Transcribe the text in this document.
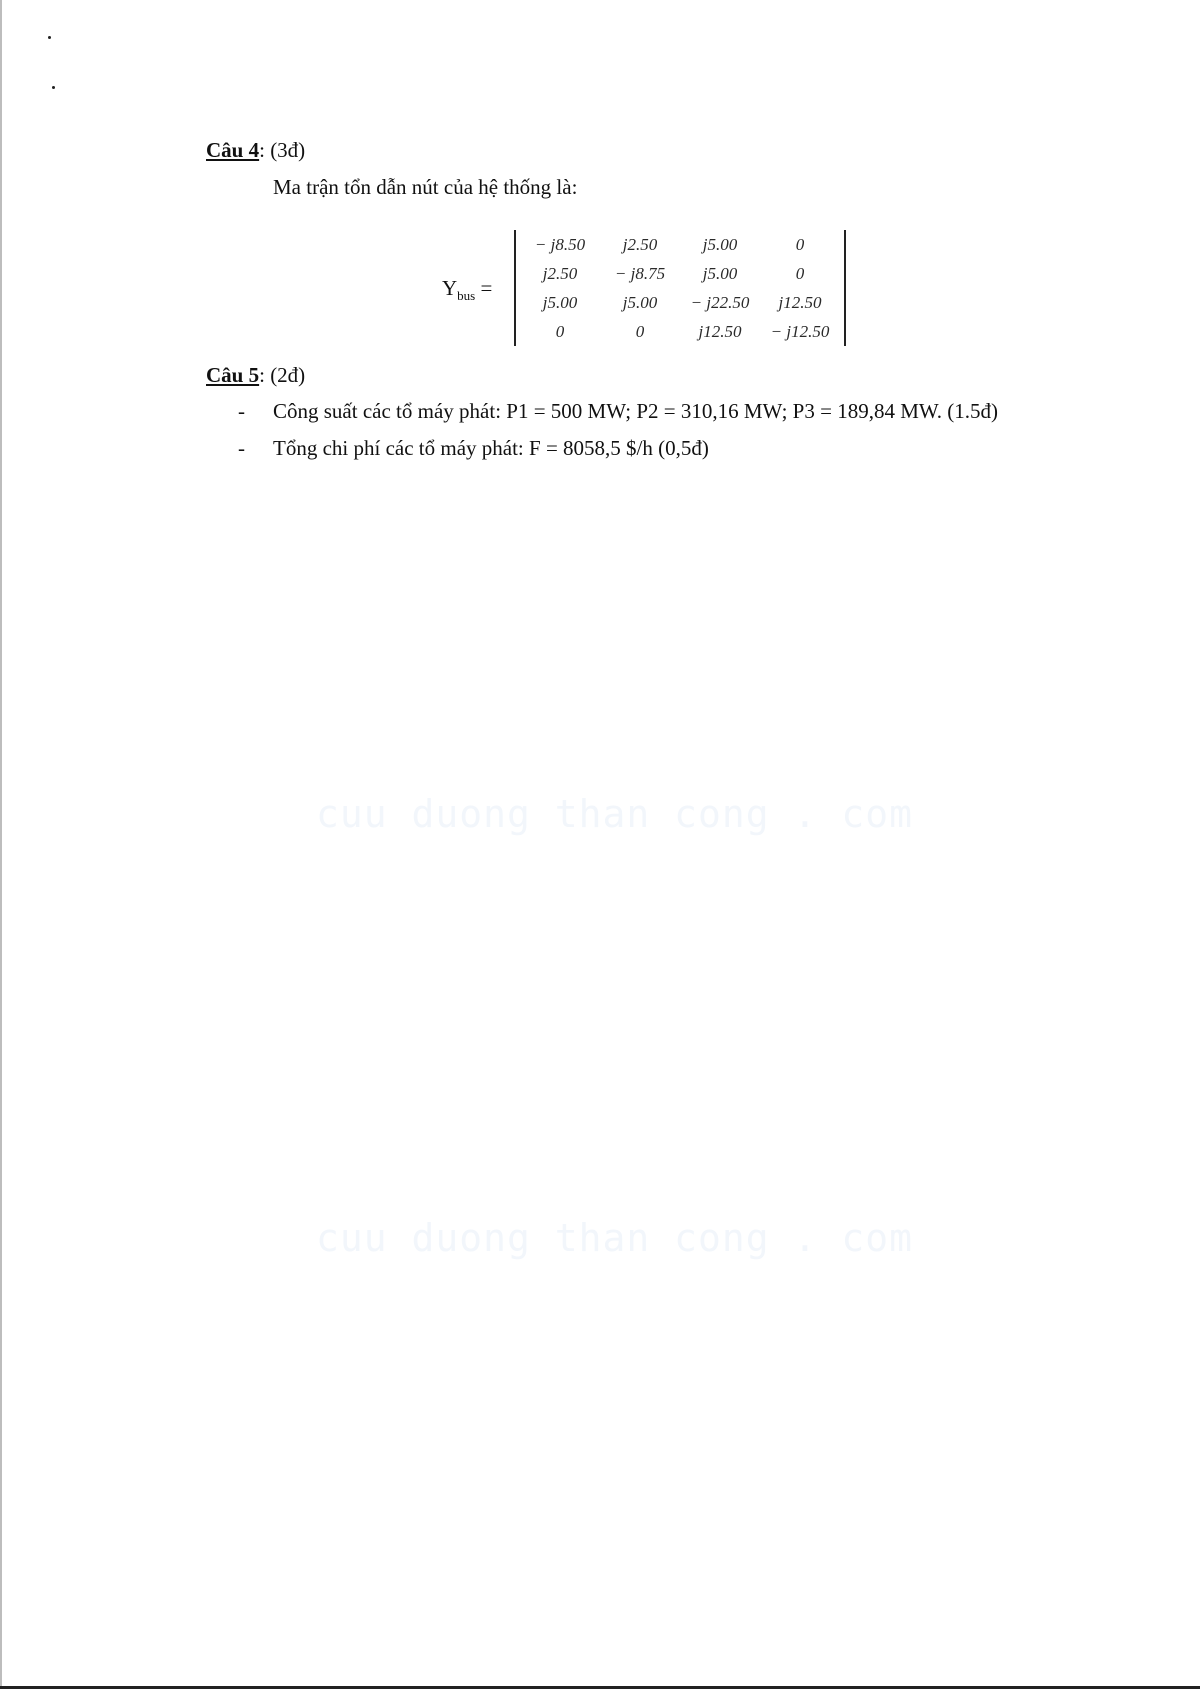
Câu 4: (3đ)
Ma trận tổn dẫn nút của hệ thống là:
$Y_{bus}$ =
− j8.50	j2.50	j5.00	0
j2.50	− j8.75	j5.00	0
j5.00	j5.00	− j22.50	j12.50
0	0	j12.50	− j12.50
Câu 5: (2đ)
- Công suất các tổ máy phát: P1 = 500 MW; P2 = 310,16 MW; P3 = 189,84 MW. (1.5đ)
- Tổng chi phí các tổ máy phát: F = 8058,5 $/h (0,5đ)
cuu duong than cong . com
cuu duong than cong . com
